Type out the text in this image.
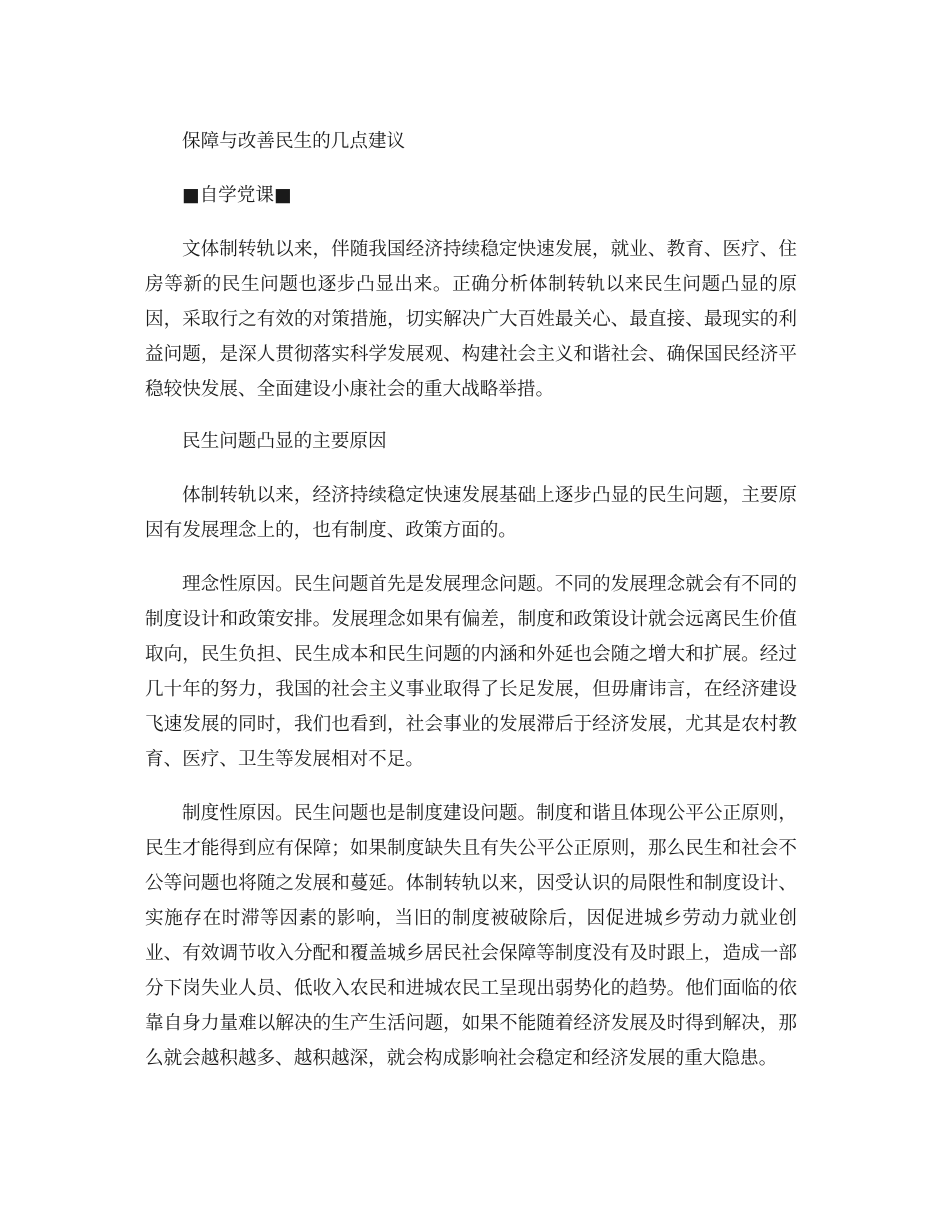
保障与改善民生的几点建议
■自学党课■
文体制转轨以来，伴随我国经济持续稳定快速发展，就业、教育、医疗、住
房等新的民生问题也逐步凸显出来。正确分析体制转轨以来民生问题凸显的原
因，采取行之有效的对策措施，切实解决广大百姓最关心、最直接、最现实的利
益问题，是深人贯彻落实科学发展观、构建社会主义和谐社会、确保国民经济平
稳较快发展、全面建设小康社会的重大战略举措。
民生问题凸显的主要原因
体制转轨以来，经济持续稳定快速发展基础上逐步凸显的民生问题，主要原
因有发展理念上的，也有制度、政策方面的。
理念性原因。民生问题首先是发展理念问题。不同的发展理念就会有不同的
制度设计和政策安排。发展理念如果有偏差，制度和政策设计就会远离民生价值
取向，民生负担、民生成本和民生问题的内涵和外延也会随之增大和扩展。经过
几十年的努力，我国的社会主义事业取得了长足发展，但毋庸讳言，在经济建设
飞速发展的同时，我们也看到，社会事业的发展滞后于经济发展，尤其是农村教
育、医疗、卫生等发展相对不足。
制度性原因。民生问题也是制度建设问题。制度和谐且体现公平公正原则，
民生才能得到应有保障；如果制度缺失且有失公平公正原则，那么民生和社会不
公等问题也将随之发展和蔓延。体制转轨以来，因受认识的局限性和制度设计、
实施存在时滞等因素的影响，当旧的制度被破除后，因促进城乡劳动力就业创
业、有效调节收入分配和覆盖城乡居民社会保障等制度没有及时跟上，造成一部
分下岗失业人员、低收入农民和进城农民工呈现出弱势化的趋势。他们面临的依
靠自身力量难以解决的生产生活问题，如果不能随着经济发展及时得到解决，那
么就会越积越多、越积越深，就会构成影响社会稳定和经济发展的重大隐患。
